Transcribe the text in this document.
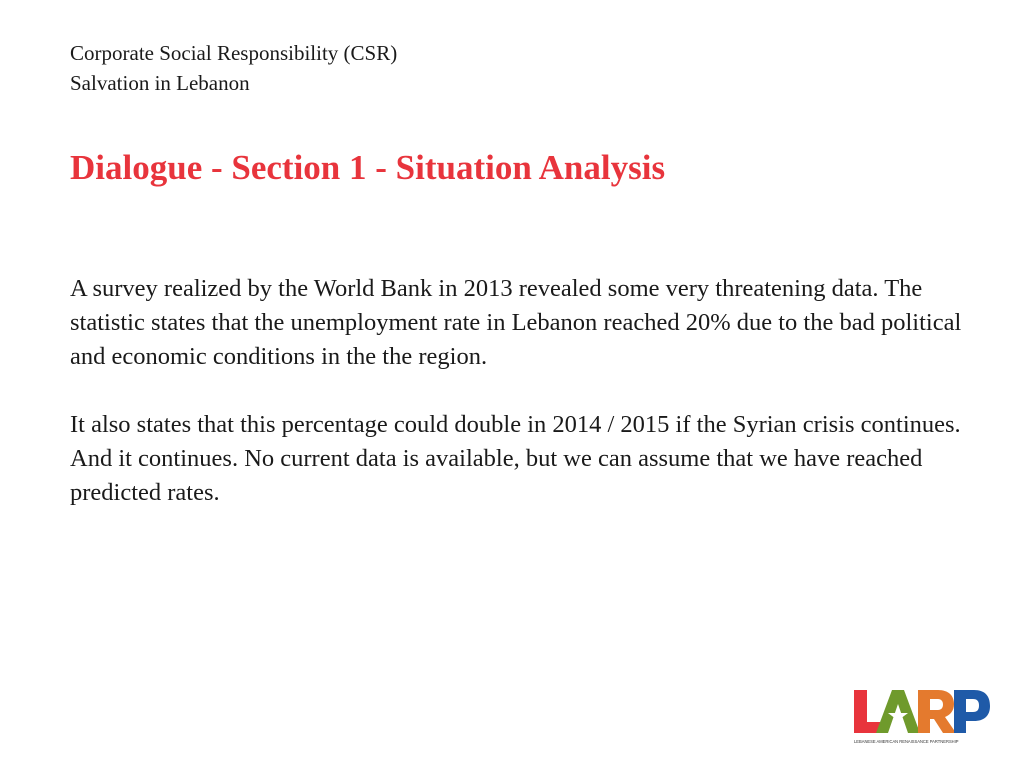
Corporate Social Responsibility (CSR)
Salvation in Lebanon
Dialogue - Section 1 - Situation Analysis

A survey realized by the World Bank in 2013 revealed some very threatening data. The statistic states that the unemployment rate in Lebanon reached 20% due to the bad political and economic conditions in the the region.

It also states that this percentage could double in 2014 / 2015 if the Syrian crisis continues. And it continues. No current data is available, but we can assume that we have reached predicted rates.

LEBANESE AMERICAN RENAISSANCE PARTNERSHIP
